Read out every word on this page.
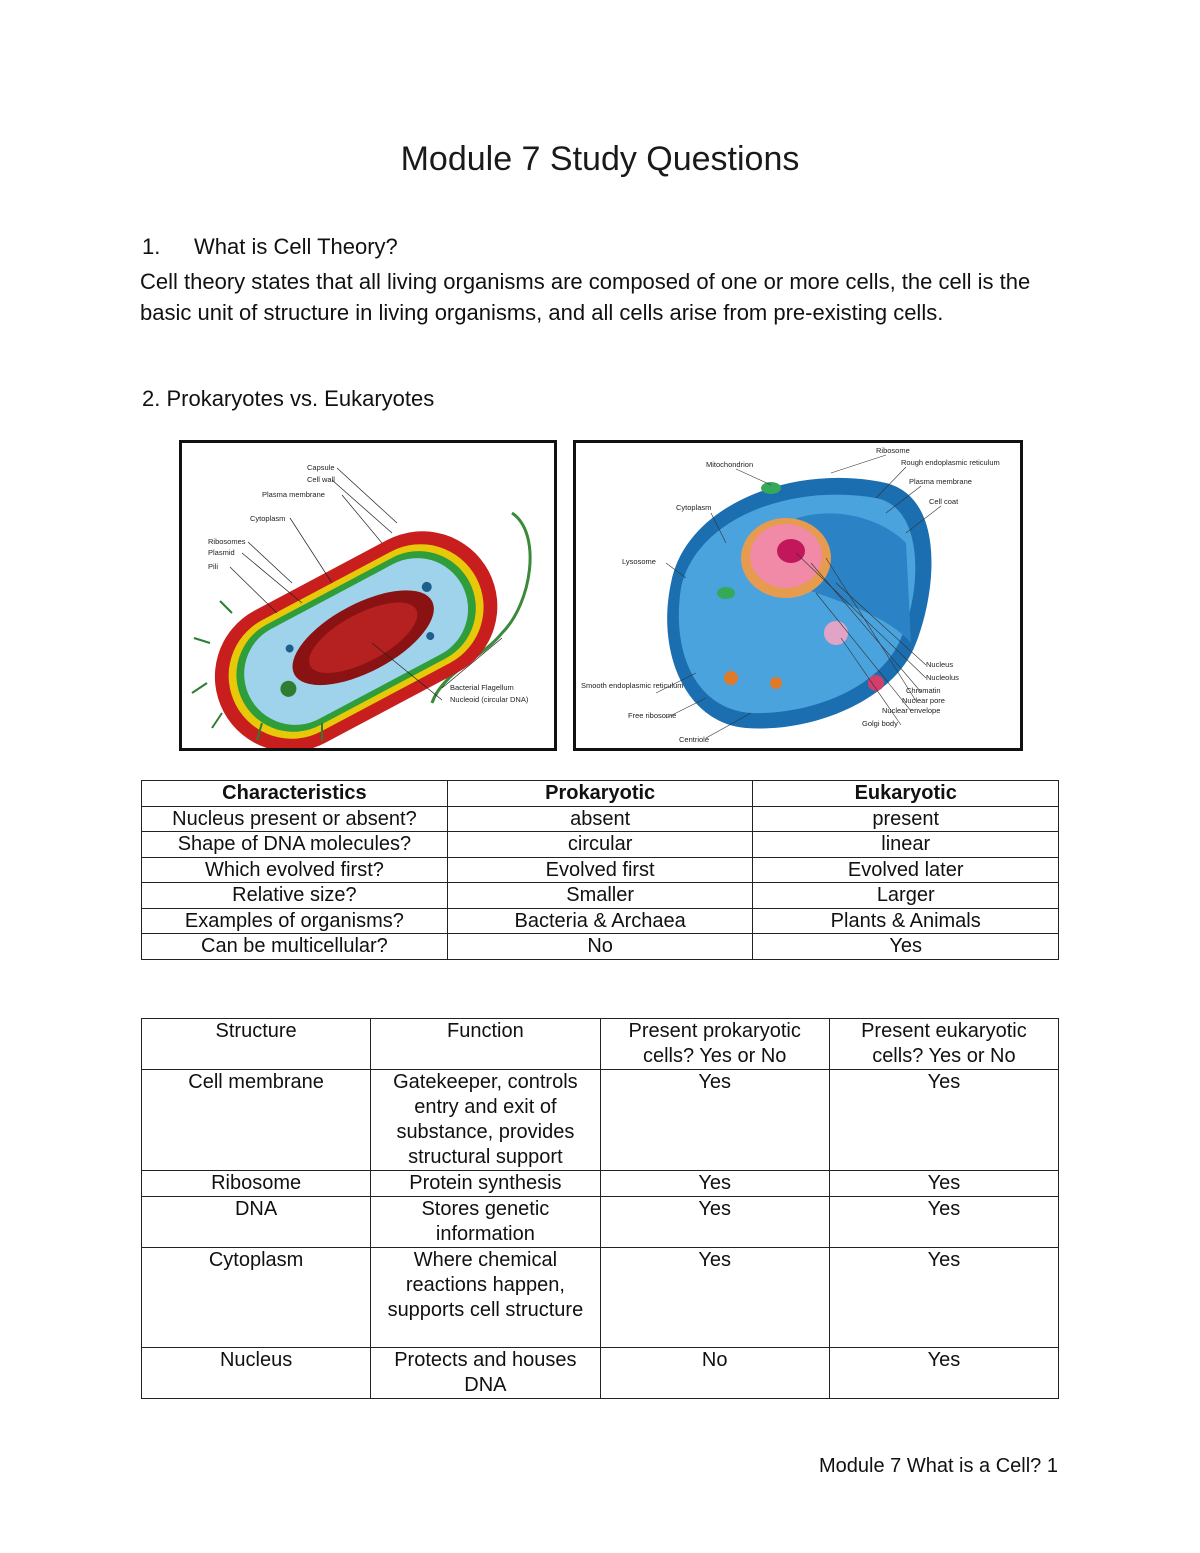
Module 7 Study Questions
1. What is Cell Theory?
Cell theory states that all living organisms are composed of one or more cells, the cell is the basic unit of structure in living organisms, and all cells arise from pre-existing cells.
2. Prokaryotes vs. Eukaryotes
Capsule
Cell wall
Plasma membrane
Cytoplasm
Ribosomes
Plasmid
Pili
Bacterial Flagellum
Nucleoid (circular DNA)
Mitochondrion
Ribosome
Rough endoplasmic reticulum
Plasma membrane
Cell coat
Cytoplasm
Lysosome
Smooth endoplasmic reticulum
Free ribosome
Centriole
Nucleus
Nucleolus
Chromatin
Nuclear pore
Nuclear envelope
Golgi body
Characteristics	Prokaryotic	Eukaryotic
Nucleus present or absent?	absent	present
Shape of DNA molecules?	circular	linear
Which evolved first?	Evolved first	Evolved later
Relative size?	Smaller	Larger
Examples of organisms?	Bacteria & Archaea	Plants & Animals
Can be multicellular?	No	Yes
Structure	Function	Present prokaryotic cells? Yes or No	Present eukaryotic cells? Yes or No

Cell membrane	Gatekeeper, controls entry and exit of substance, provides structural support	Yes	Yes

Ribosome	Protein synthesis	Yes	Yes

DNA	Stores genetic information	Yes	Yes

Cytoplasm	Where chemical reactions happen, supports cell structure	Yes	Yes

Nucleus	Protects and houses DNA	No	Yes
Module 7 What is a Cell? 1
